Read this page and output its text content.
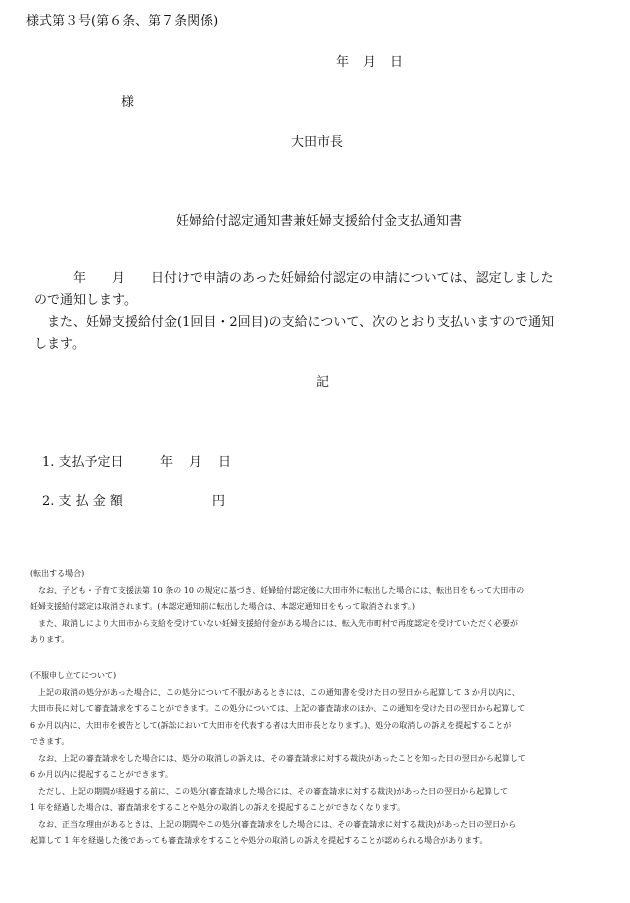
様式第３号(第６条、第７条関係)
年 月 日
様
大田市長
妊婦給付認定通知書兼妊婦支援給付金支払通知書

　　　年　　月　　日付けで申請のあった妊婦給付認定の申請については、認定しました

ので通知します。

　また、妊婦支援給付金(1回目・2回目)の支給について、次のとおり支払いますので通知

します。

記
1. 支払予定日	年 月 日
2. 支 払 金 額	円

(転出する場合)

　なお、子ども・子育て支援法第 10 条の 10 の規定に基づき、妊婦給付認定後に大田市外に転出した場合には、転出日をもって大田市の

妊婦支援給付認定は取消されます。(本認定通知前に転出した場合は、本認定通知日をもって取消されます。)

　また、取消しにより大田市から支給を受けていない妊婦支援給付金がある場合には、転入先市町村で再度認定を受けていただく必要が

あります。

(不服申し立てについて)

　上記の取消の処分があった場合に、この処分について不服があるときには、この通知書を受けた日の翌日から起算して 3 か月以内に、

大田市長に対して審査請求をすることができます。この処分については、上記の審査請求のほか、この通知を受けた日の翌日から起算して

6 か月以内に、大田市を被告として(訴訟において大田市を代表する者は大田市長となります。)、処分の取消しの訴えを提起することが

できます。

　なお、上記の審査請求をした場合には、処分の取消しの訴えは、その審査請求に対する裁決があったことを知った日の翌日から起算して

6 か月以内に提起することができます。

　ただし、上記の期間が経過する前に、この処分(審査請求した場合には、その審査請求に対する裁決)があった日の翌日から起算して

1 年を経過した場合は、審査請求をすることや処分の取消しの訴えを提起することができなくなります。

　なお、正当な理由があるときは、上記の期間やこの処分(審査請求をした場合には、その審査請求に対する裁決)があった日の翌日から

起算して 1 年を経過した後であっても審査請求をすることや処分の取消しの訴えを提起することが認められる場合があります。
